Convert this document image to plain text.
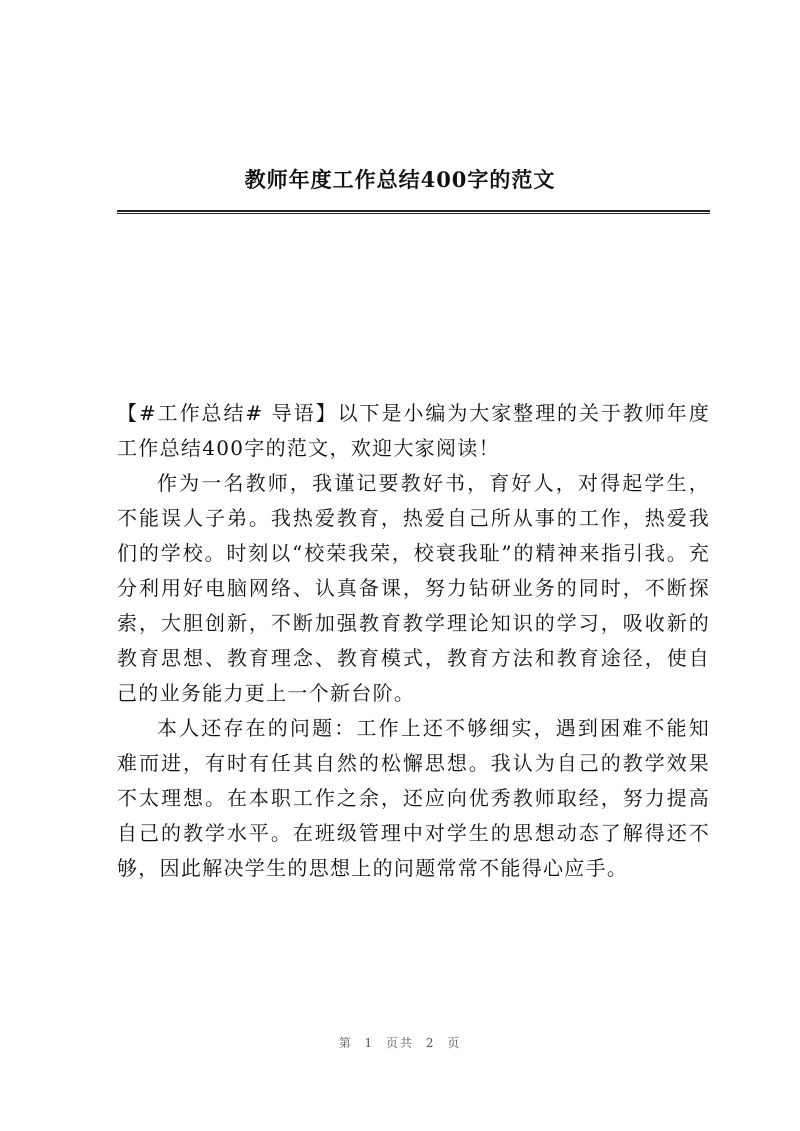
教师年度工作总结400字的范文

【#工作总结# 导语】以下是小编为大家整理的关于教师年度工作总结400字的范文，欢迎大家阅读！

作为一名教师，我谨记要教好书，育好人，对得起学生，不能误人子弟。我热爱教育，热爱自己所从事的工作，热爱我们的学校。时刻以“校荣我荣，校衰我耻”的精神来指引我。充分利用好电脑网络、认真备课，努力钻研业务的同时，不断探索，大胆创新，不断加强教育教学理论知识的学习，吸收新的教育思想、教育理念、教育模式，教育方法和教育途径，使自己的业务能力更上一个新台阶。

本人还存在的问题：工作上还不够细实，遇到困难不能知难而进，有时有任其自然的松懈思想。我认为自己的教学效果不太理想。在本职工作之余，还应向优秀教师取经，努力提高自己的教学水平。在班级管理中对学生的思想动态了解得还不够，因此解决学生的思想上的问题常常不能得心应手。

第 1 页共 2 页
